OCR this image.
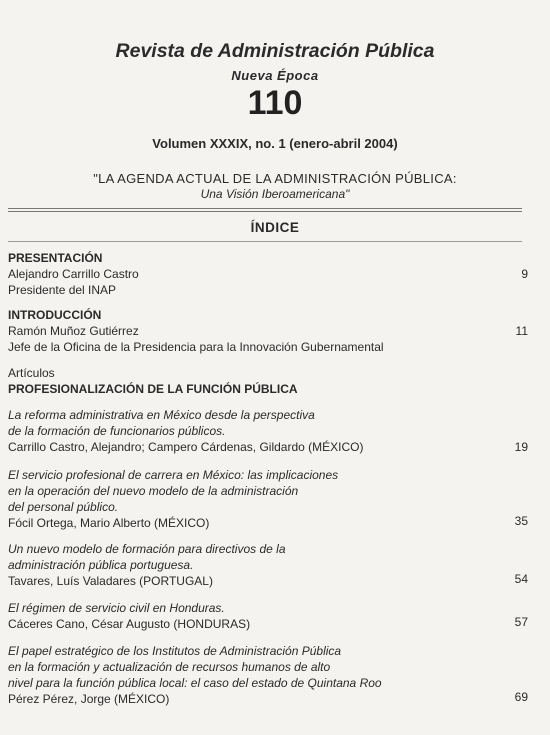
Revista de Administración Pública
Nueva Época
110
Volumen XXXIX, no. 1 (enero-abril 2004)
"LA AGENDA ACTUAL DE LA ADMINISTRACIÓN PÚBLICA:
Una Visión Iberoamericana"
ÍNDICE
PRESENTACIÓN
Alejandro Carrillo Castro
Presidente del INAP
9
INTRODUCCIÓN
Ramón Muñoz Gutiérrez
Jefe de la Oficina de la Presidencia para la Innovación Gubernamental
11
Artículos
PROFESIONALIZACIÓN DE LA FUNCIÓN PÚBLICA
La reforma administrativa en México desde la perspectiva
de la formación de funcionarios públicos.
Carrillo Castro, Alejandro; Campero Cárdenas, Gildardo (MÉXICO)	19
El servicio profesional de carrera en México: las implicaciones
en la operación del nuevo modelo de la administración
del personal público.
Fócil Ortega, Mario Alberto (MÉXICO)	35
Un nuevo modelo de formación para directivos de la
administración pública portuguesa.
Tavares, Luís Valadares (PORTUGAL)	54
El régimen de servicio civil en Honduras.
Cáceres Cano, César Augusto (HONDURAS)	57
El papel estratégico de los Institutos de Administración Pública
en la formación y actualización de recursos humanos de alto
nivel para la función pública local: el caso del estado de Quintana Roo
Pérez Pérez, Jorge (MÉXICO)	69
